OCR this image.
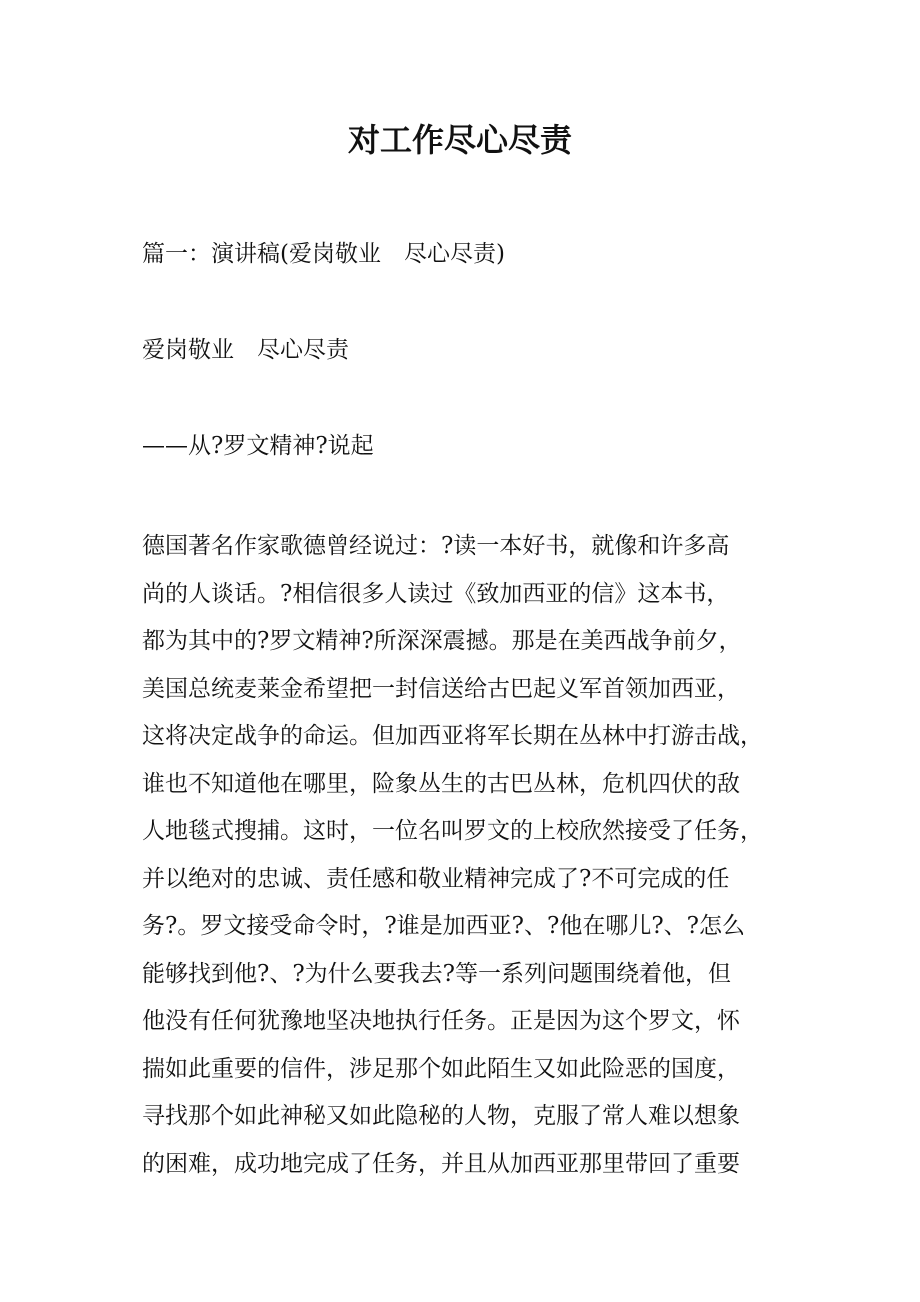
对工作尽心尽责

篇一：演讲稿(爱岗敬业　尽心尽责)

爱岗敬业　尽心尽责

——从?罗文精神?说起

德国著名作家歌德曾经说过：?读一本好书，就像和许多高
尚的人谈话。?相信很多人读过《致加西亚的信》这本书，
都为其中的?罗文精神?所深深震撼。那是在美西战争前夕，
美国总统麦莱金希望把一封信送给古巴起义军首领加西亚，
这将决定战争的命运。但加西亚将军长期在丛林中打游击战，
谁也不知道他在哪里，险象丛生的古巴丛林，危机四伏的敌
人地毯式搜捕。这时，一位名叫罗文的上校欣然接受了任务，
并以绝对的忠诚、责任感和敬业精神完成了?不可完成的任
务?。罗文接受命令时，?谁是加西亚?、?他在哪儿?、?怎么
能够找到他?、?为什么要我去?等一系列问题围绕着他，但
他没有任何犹豫地坚决地执行任务。正是因为这个罗文，怀
揣如此重要的信件，涉足那个如此陌生又如此险恶的国度，
寻找那个如此神秘又如此隐秘的人物，克服了常人难以想象
的困难，成功地完成了任务，并且从加西亚那里带回了重要
